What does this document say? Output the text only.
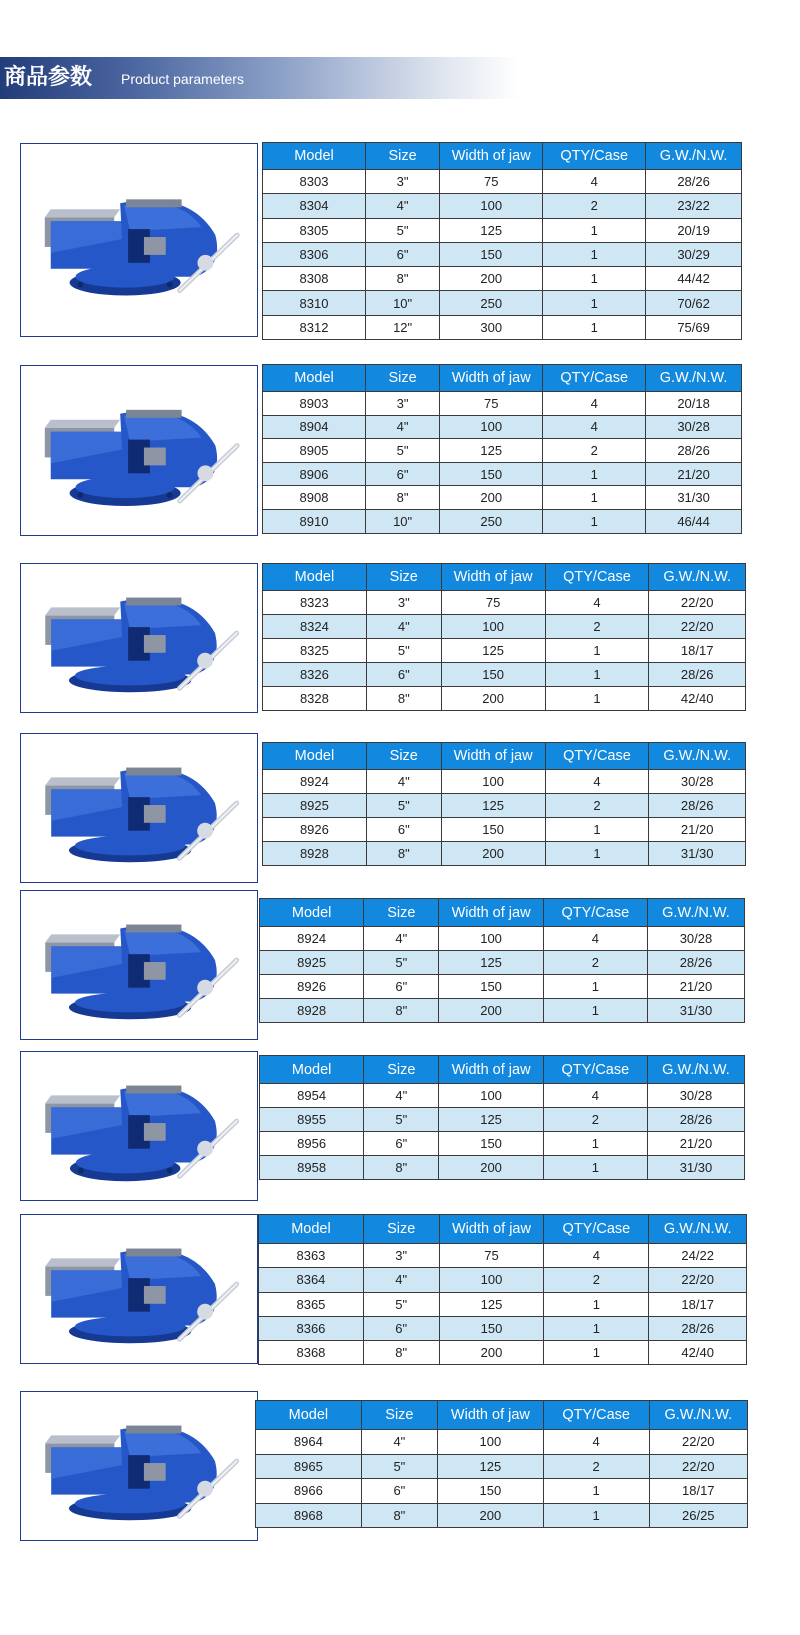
商品参数 Product parameters
Model	Size	Width of jaw	QTY/Case	G.W./N.W.
8303	3"	75	4	28/26
8304	4"	100	2	23/22
8305	5"	125	1	20/19
8306	6"	150	1	30/29
8308	8"	200	1	44/42
8310	10"	250	1	70/62
8312	12"	300	1	75/69
Model	Size	Width of jaw	QTY/Case	G.W./N.W.
8903	3"	75	4	20/18
8904	4"	100	4	30/28
8905	5"	125	2	28/26
8906	6"	150	1	21/20
8908	8"	200	1	31/30
8910	10"	250	1	46/44
Model	Size	Width of jaw	QTY/Case	G.W./N.W.
8323	3"	75	4	22/20
8324	4"	100	2	22/20
8325	5"	125	1	18/17
8326	6"	150	1	28/26
8328	8"	200	1	42/40
Model	Size	Width of jaw	QTY/Case	G.W./N.W.
8924	4"	100	4	30/28
8925	5"	125	2	28/26
8926	6"	150	1	21/20
8928	8"	200	1	31/30
Model	Size	Width of jaw	QTY/Case	G.W./N.W.
8924	4"	100	4	30/28
8925	5"	125	2	28/26
8926	6"	150	1	21/20
8928	8"	200	1	31/30
Model	Size	Width of jaw	QTY/Case	G.W./N.W.
8954	4"	100	4	30/28
8955	5"	125	2	28/26
8956	6"	150	1	21/20
8958	8"	200	1	31/30
Model	Size	Width of jaw	QTY/Case	G.W./N.W.
8363	3"	75	4	24/22
8364	4"	100	2	22/20
8365	5"	125	1	18/17
8366	6"	150	1	28/26
8368	8"	200	1	42/40
Model	Size	Width of jaw	QTY/Case	G.W./N.W.
8964	4"	100	4	22/20
8965	5"	125	2	22/20
8966	6"	150	1	18/17
8968	8"	200	1	26/25
